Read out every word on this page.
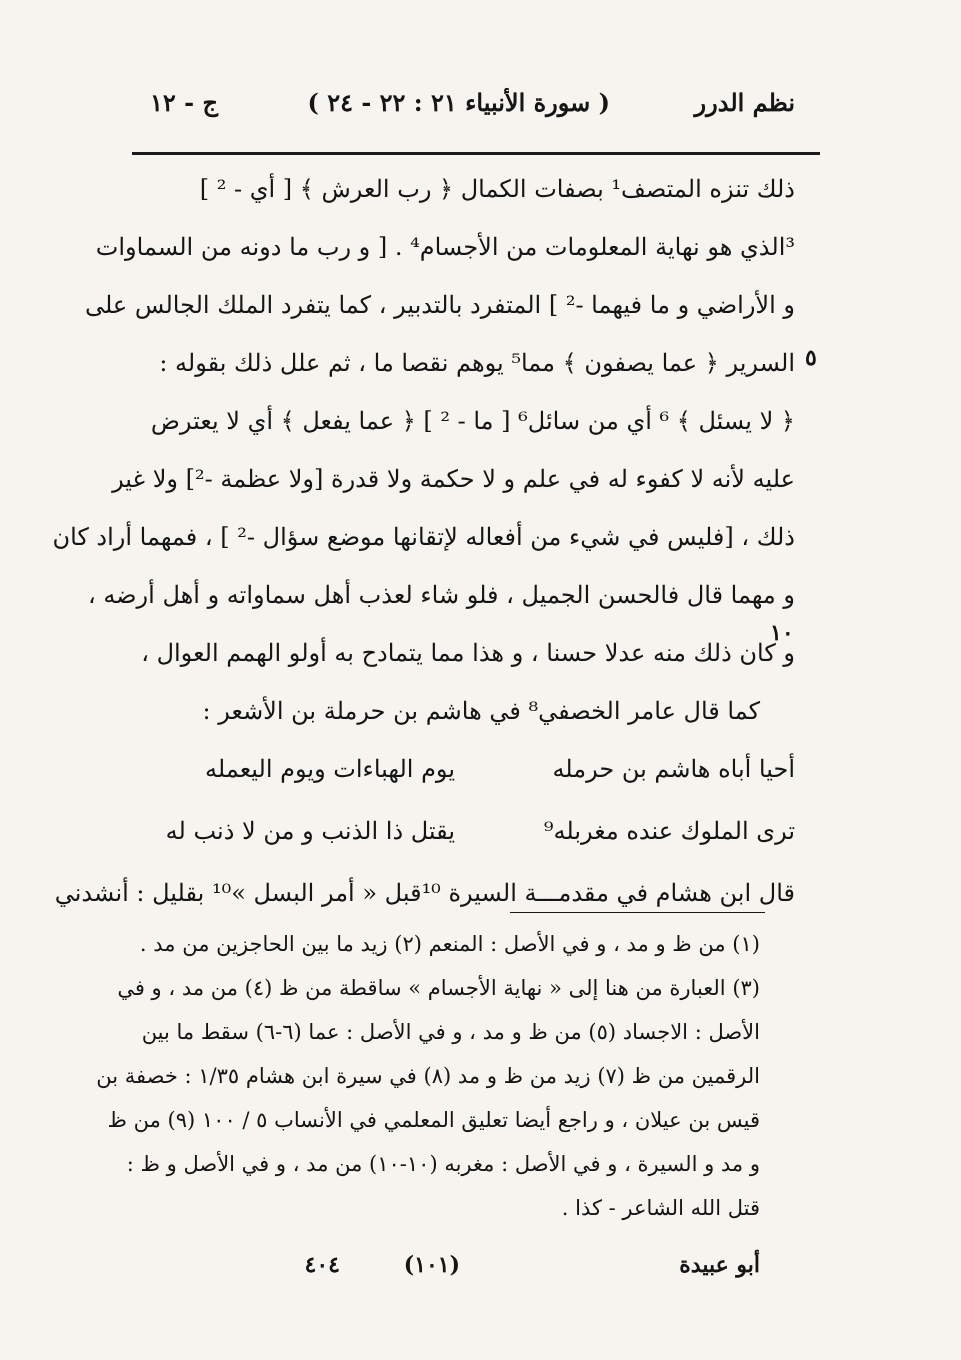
نظم الدرر
( سورة الأنبياء ٢١ : ٢٢ - ٢٤ )
ج - ١٢
٥
١٠
ذلك تنزه المتصف¹ بصفات الكمال ﴿ رب العرش ﴾ [ أي - ² ]
³الذي هو نهاية المعلومات من الأجسام⁴ . [ و رب ما دونه من السماوات
و الأراضي و ما فيهما -² ] المتفرد بالتدبير ، كما يتفرد الملك الجالس على
السرير ﴿ عما يصفون ﴾ مما⁵ يوهم نقصا ما ، ثم علل ذلك بقوله :
﴿ لا يسئل ﴾ ⁶ أي من سائل⁶ [ ما - ² ] ﴿ عما يفعل ﴾ أي لا يعترض
عليه لأنه لا كفوء له في علم و لا حكمة ولا قدرة [ولا عظمة -²] ولا غير
ذلك ، [فليس في شيء من أفعاله لإتقانها موضع سؤال -² ] ، فمهما أراد كان
و مهما قال فالحسن الجميل ، فلو شاء لعذب أهل سماواته و أهل أرضه ،
و كان ذلك منه عدلا حسنا ، و هذا مما يتمادح به أولو الهمم العوال ،
كما قال عامر الخصفي⁸ في هاشم بن حرملة بن الأشعر :
أحيا أباه هاشم بن حرملهيوم الهباءات ويوم اليعمله
ترى الملوك عنده مغربله⁹يقتل ذا الذنب و من لا ذنب له
قال ابن هشام في مقدمـــة السيرة ¹⁰قبل « أمر البسل »¹⁰ بقليل : أنشدني
(١) من ظ و مد ، و في الأصل : المنعم (٢) زيد ما بين الحاجزين من مد .
(٣) العبارة من هنا إلى « نهاية الأجسام » ساقطة من ظ (٤) من مد ، و في
الأصل : الاجساد (٥) من ظ و مد ، و في الأصل : عما (٦-٦) سقط ما بين
الرقمين من ظ (٧) زيد من ظ و مد (٨) في سيرة ابن هشام ١/٣٥ : خصفة بن
قيس بن عيلان ، و راجع أيضا تعليق المعلمي في الأنساب ٥ / ١٠٠ (٩) من ظ
و مد و السيرة ، و في الأصل : مغربه (١٠-١٠) من مد ، و في الأصل و ظ :
قتل الله الشاعر - كذا .
أبو عبيدة
(١٠١)
٤٠٤
